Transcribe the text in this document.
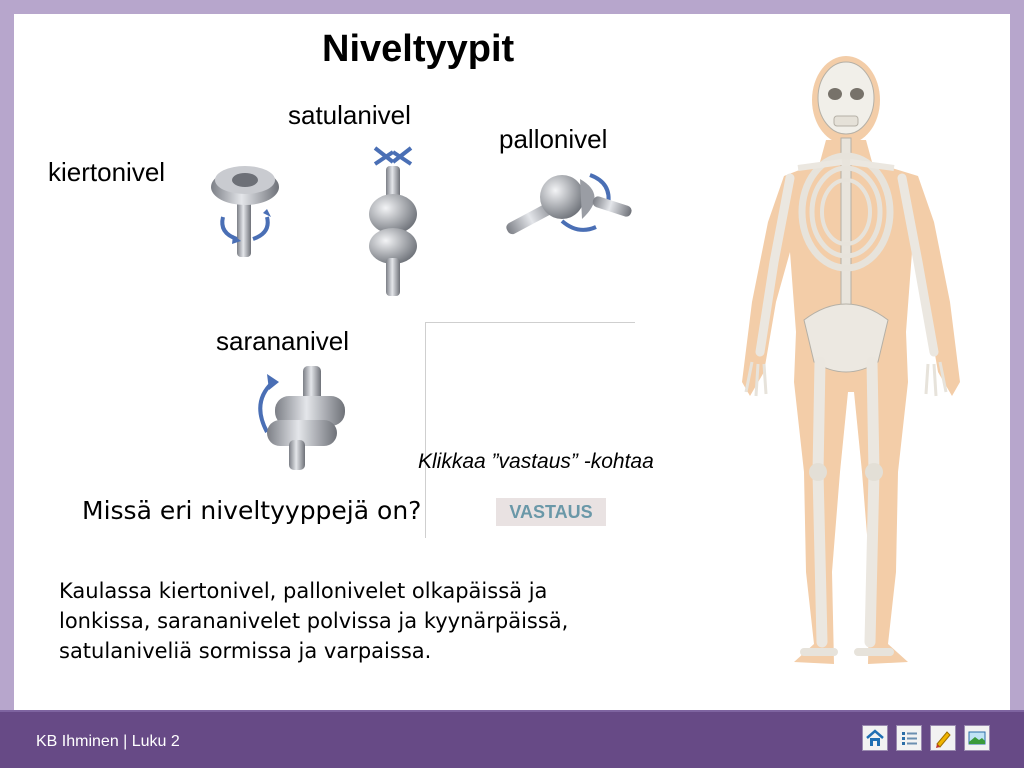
Niveltyypit
satulanivel
pallonivel
kiertonivel
sarananivel
Klikkaa ”vastaus” -kohtaa
Missä eri niveltyyppejä on?	VASTAUS
Kaulassa kiertonivel, pallonivelet olkapäissä ja
lonkissa, sarananivelet polvissa ja kyynärpäissä,
satulaniveliä sormissa ja varpaissa.
KB Ihminen | Luku 2
